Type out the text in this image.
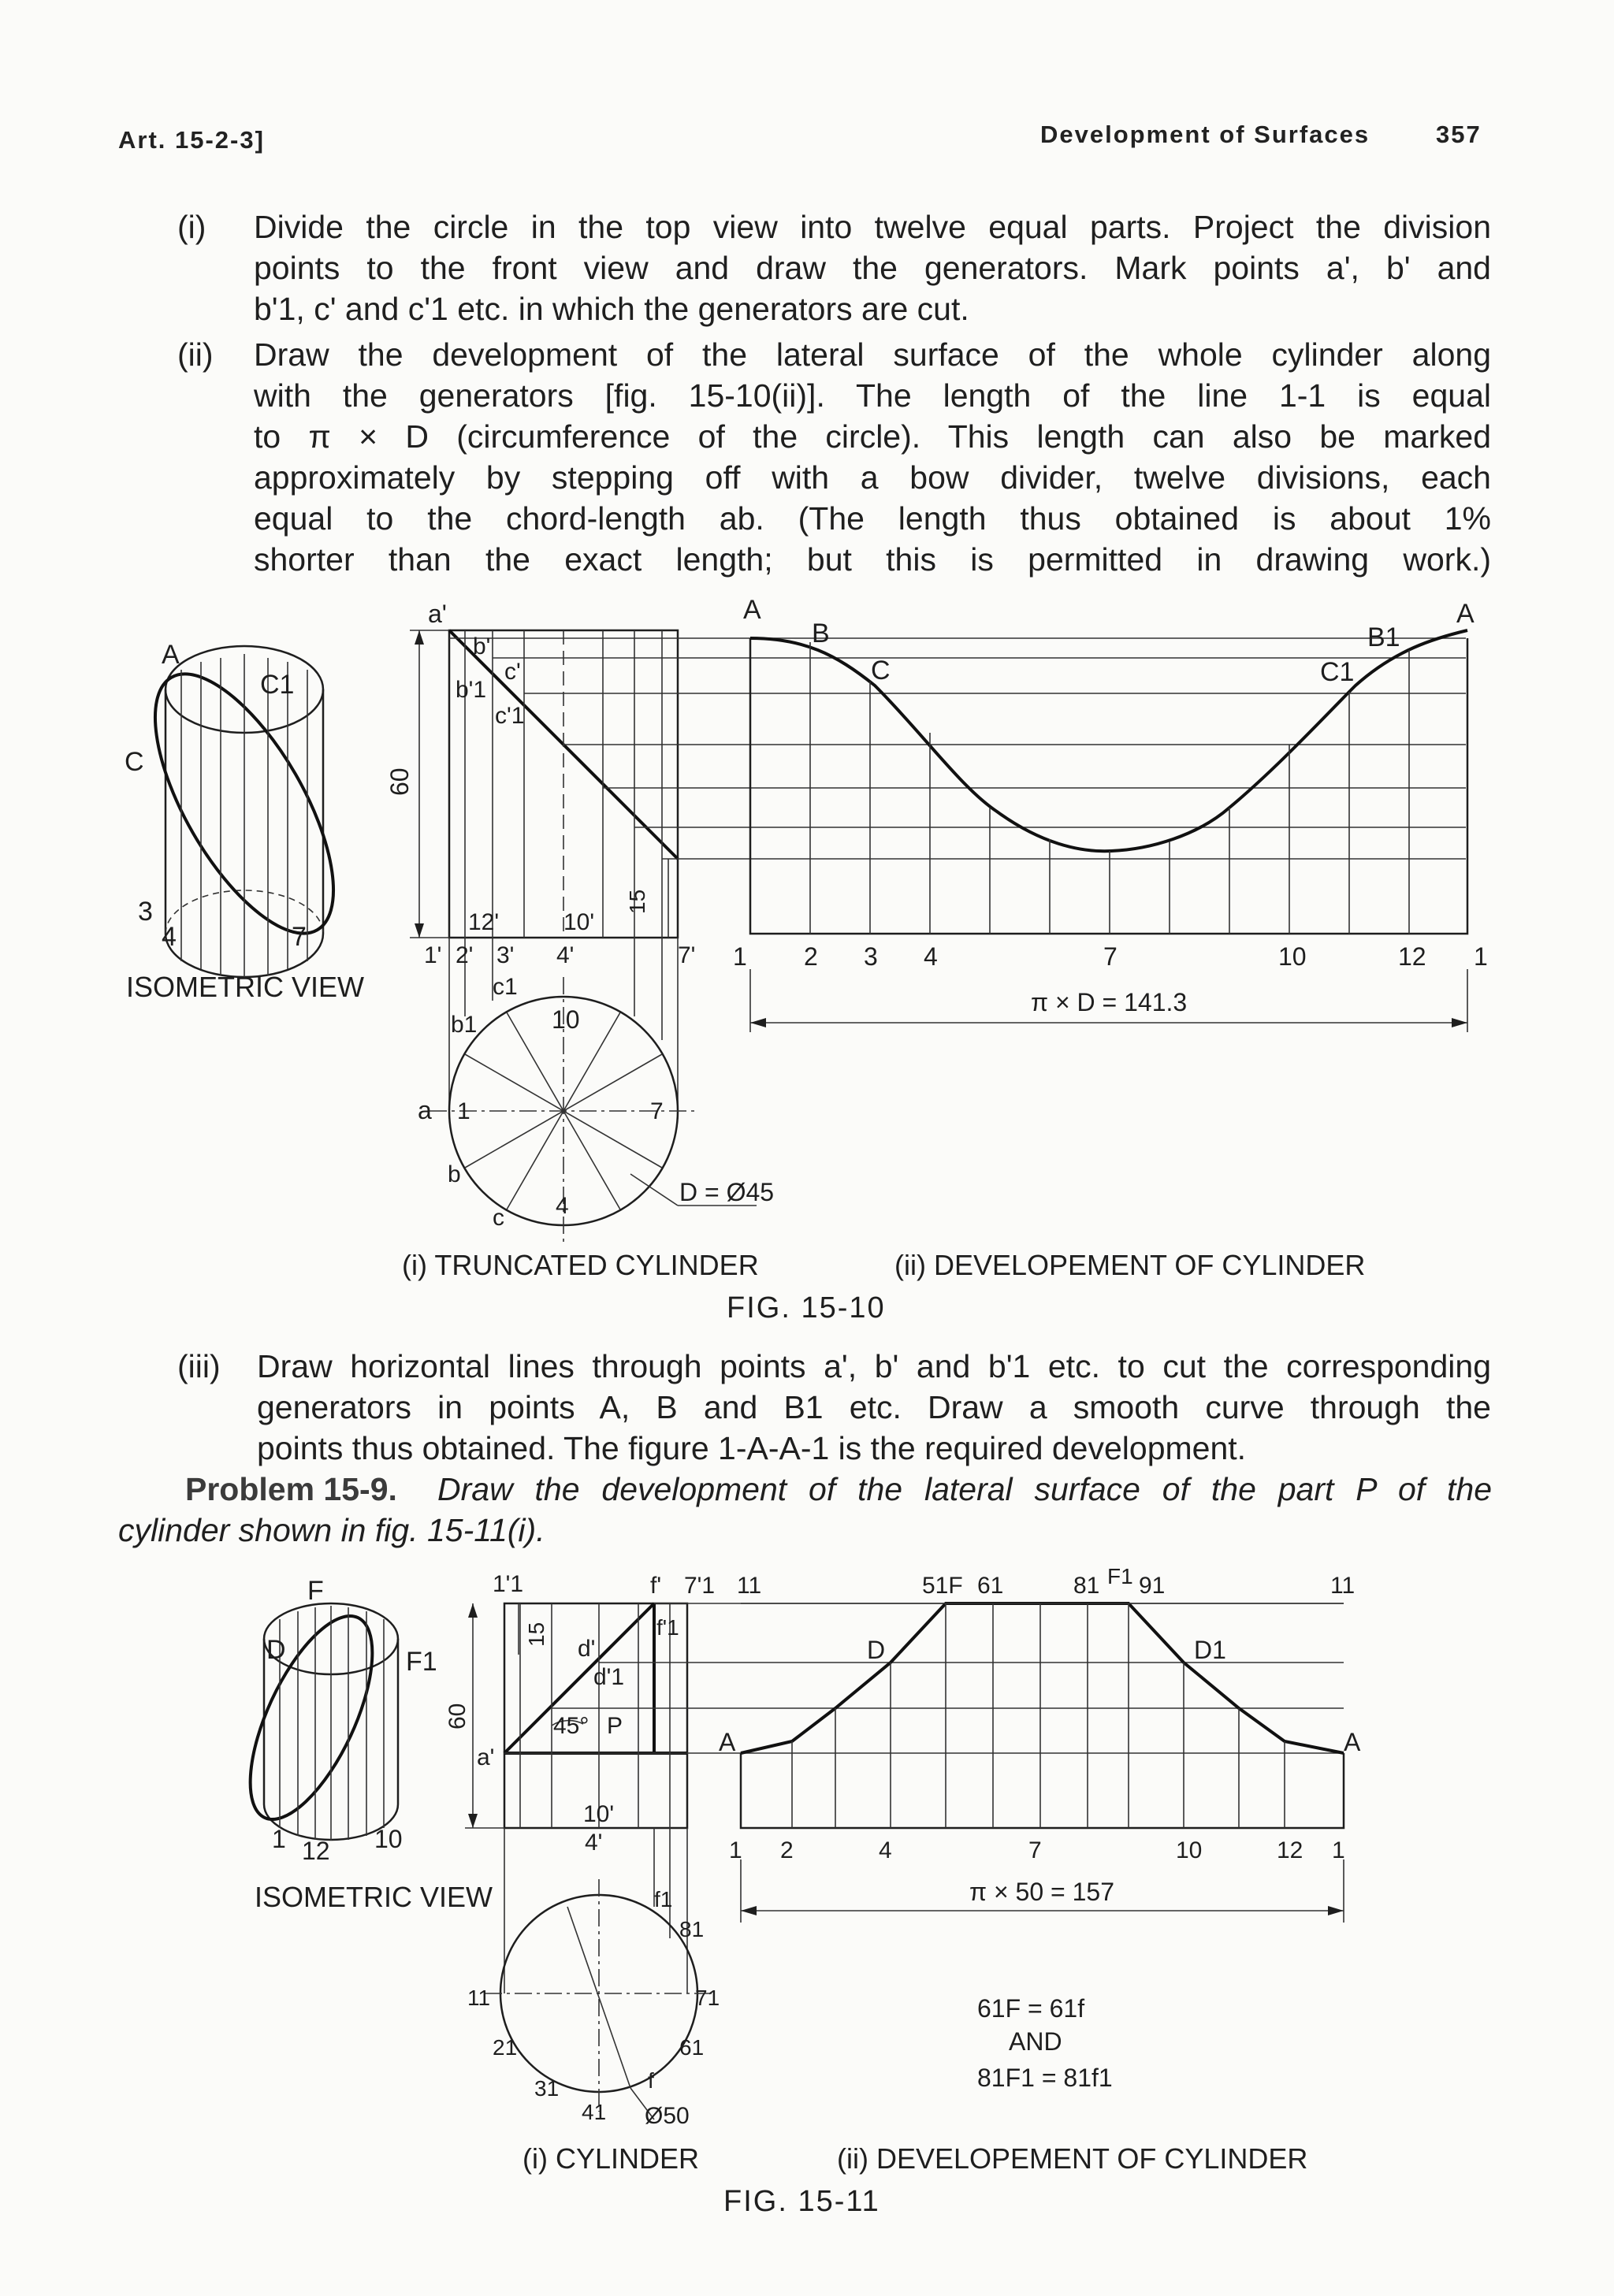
Art. 15-2-3]	Development of Surfaces	357
(i) Divide the circle in the top view into twelve equal parts. Project the division
points to the front view and draw the generators. Mark points a', b' and
b'1, c' and c'1 etc. in which the generators are cut.
(ii) Draw the development of the lateral surface of the whole cylinder along
with the generators [fig. 15-10(ii)]. The length of the line 1-1 is equal
to π × D (circumference of the circle). This length can also be marked
approximately by stepping off with a bow divider, twelve divisions, each
equal to the chord-length ab. (The length thus obtained is about 1%
shorter than the exact length; but this is permitted in drawing work.)
A
C1
C
3
4	7
ISOMETRIC VIEW
a'
b'
b'1
c'
c'1
60
12'	10'
15
1' 2' 3' 4'	7'
c1
b1	10
a 1	7
b
c 4	D = Ø45
A
B
C
B1
A
C1
1 2 3 4	7	10	12 1
π × D = 141.3
(i) TRUNCATED CYLINDER	(ii) DEVELOPEMENT OF CYLINDER
FIG. 15-10
(iii) Draw horizontal lines through points a', b' and b'1 etc. to cut the corresponding
generators in points A, B and B1 etc. Draw a smooth curve through the
points thus obtained. The figure 1-A-A-1 is the required development.
Problem 15-9. Draw the development of the lateral surface of the part P of the
cylinder shown in fig. 15-11(i).
F
D	F1
1 12 10
ISOMETRIC VIEW
1'1	f' 7'1
15
d'
d'1
f'1
60	45° P
a'
10'
4'
f1
81
11	71
21	61
31	f
41 Ø50
11	51F 61	81 F1 91	11
D	D1
A	A
1 2	4	7	10	12 1
π × 50 = 157
61F = 61f
AND
81F1 = 81f1
(i) CYLINDER	(ii) DEVELOPEMENT OF CYLINDER
FIG. 15-11
